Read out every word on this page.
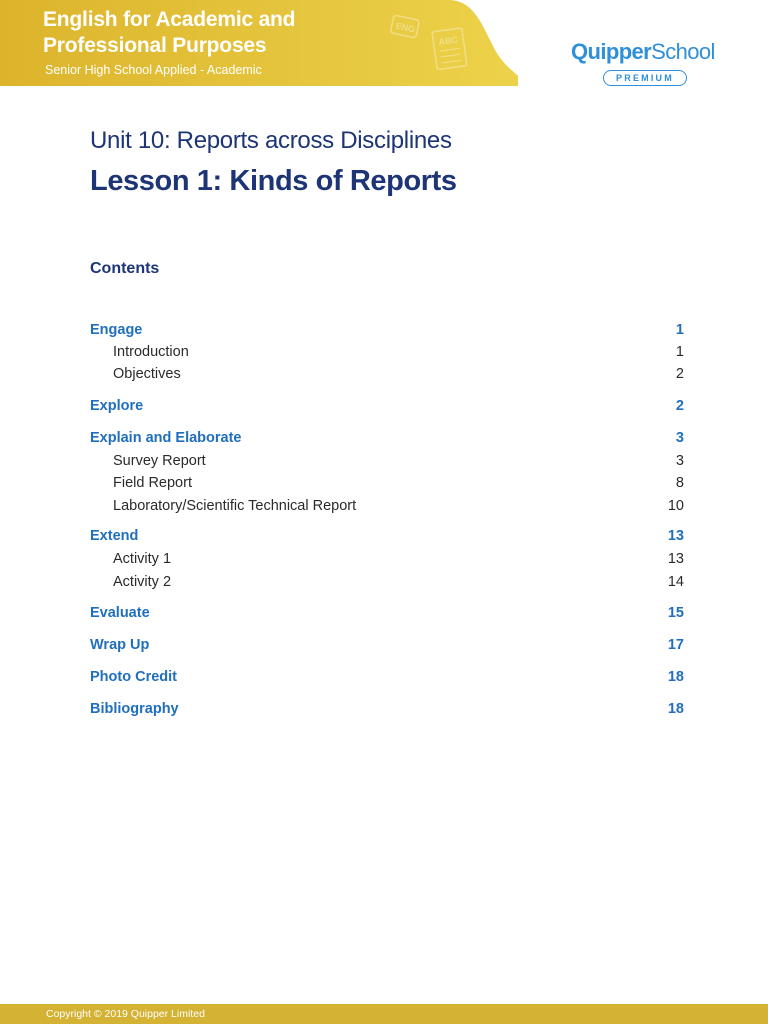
ENG
ABC
English for Academic and Professional Purposes
Senior High School Applied - Academic
QuipperSchool
PREMIUM
Unit 10: Reports across Disciplines
Lesson 1: Kinds of Reports
Contents
Engage	1
Introduction	1
Objectives	2
Explore	2
Explain and Elaborate	3
Survey Report	3
Field Report	8
Laboratory/Scientific Technical Report	10
Extend	13
Activity 1	13
Activity 2	14
Evaluate	15
Wrap Up	17
Photo Credit	18
Bibliography	18
Copyright © 2019 Quipper Limited
